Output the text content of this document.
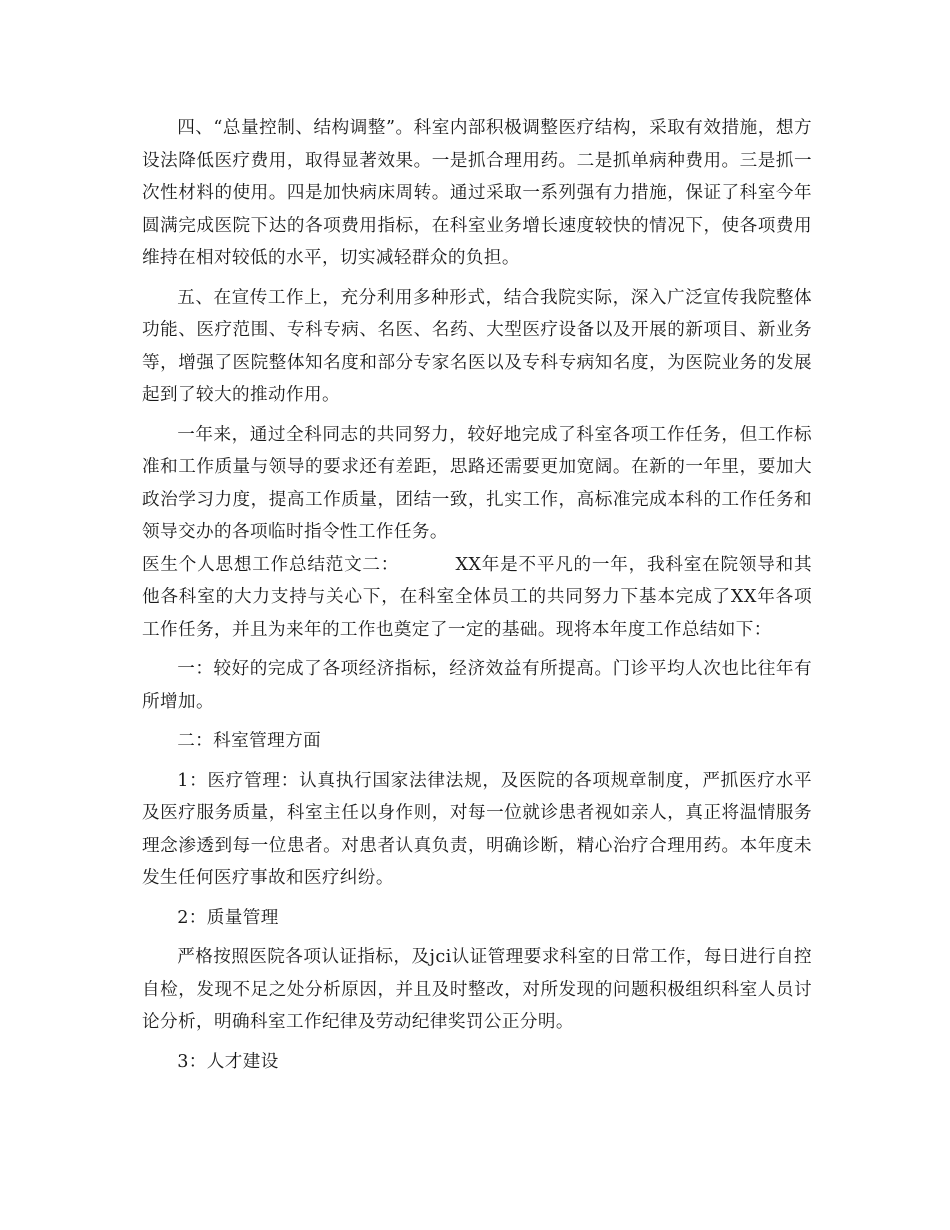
四、“总量控制、结构调整”。科室内部积极调整医疗结构，采取有效措施，想方设法降低医疗费用，取得显著效果。一是抓合理用药。二是抓单病种费用。三是抓一次性材料的使用。四是加快病床周转。通过采取一系列强有力措施，保证了科室今年圆满完成医院下达的各项费用指标，在科室业务增长速度较快的情况下，使各项费用维持在相对较低的水平，切实减轻群众的负担。

五、在宣传工作上，充分利用多种形式，结合我院实际，深入广泛宣传我院整体功能、医疗范围、专科专病、名医、名药、大型医疗设备以及开展的新项目、新业务等，增强了医院整体知名度和部分专家名医以及专科专病知名度，为医院业务的发展起到了较大的推动作用。

一年来，通过全科同志的共同努力，较好地完成了科室各项工作任务，但工作标准和工作质量与领导的要求还有差距，思路还需要更加宽阔。在新的一年里，要加大政治学习力度，提高工作质量，团结一致，扎实工作，高标准完成本科的工作任务和领导交办的各项临时指令性工作任务。

医生个人思想工作总结范文二：	XX年是不平凡的一年，我科室在院领导和其他各科室的大力支持与关心下，在科室全体员工的共同努力下基本完成了XX年各项工作任务，并且为来年的工作也奠定了一定的基础。现将本年度工作总结如下：

一：较好的完成了各项经济指标，经济效益有所提高。门诊平均人次也比往年有所增加。

二：科室管理方面

1：医疗管理：认真执行国家法律法规，及医院的各项规章制度，严抓医疗水平及医疗服务质量，科室主任以身作则，对每一位就诊患者视如亲人，真正将温情服务理念渗透到每一位患者。对患者认真负责，明确诊断，精心治疗合理用药。本年度未发生任何医疗事故和医疗纠纷。

2：质量管理

严格按照医院各项认证指标，及jci认证管理要求科室的日常工作，每日进行自控自检，发现不足之处分析原因，并且及时整改，对所发现的问题积极组织科室人员讨论分析，明确科室工作纪律及劳动纪律奖罚公正分明。

3：人才建设
